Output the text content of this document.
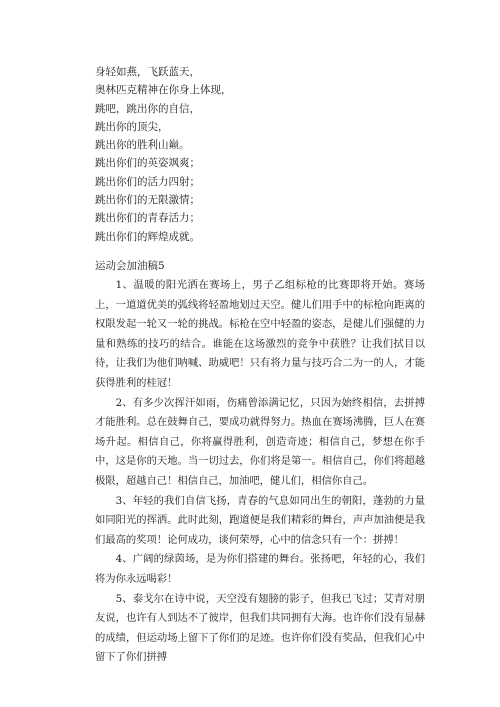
身轻如燕，飞跃蓝天，
奥林匹克精神在你身上体现，
跳吧，跳出你的自信，
跳出你的顶尖，
跳出你的胜利山巅。
跳出你们的英姿飒爽；
跳出你们的活力四射；
跳出你们的无限激情；
跳出你们的青春活力；
跳出你们的辉煌成就。
运动会加油稿5

1、温暖的阳光洒在赛场上，男子乙组标枪的比赛即将开始。赛场上，一道道优美的弧线将轻盈地划过天空。健儿们用手中的标枪向距离的权限发起一轮又一轮的挑战。标枪在空中轻盈的姿态，是健儿们强健的力量和熟练的技巧的结合。谁能在这场激烈的竞争中获胜？让我们拭目以待，让我们为他们呐喊、助威吧！只有将力量与技巧合二为一的人，才能获得胜利的桂冠！

2、有多少次挥汗如雨，伤痛曾添满记忆，只因为始终相信，去拼搏才能胜利。总在鼓舞自己，要成功就得努力。热血在赛场沸腾，巨人在赛场升起。相信自己，你将赢得胜利，创造奇迹；相信自己，梦想在你手中，这是你的天地。当一切过去，你们将是第一。相信自己，你们将超越极限，超越自己！相信自己，加油吧，健儿们，相信你自己。

3、年轻的我们自信飞扬，青春的气息如同出生的朝阳，蓬勃的力量如同阳光的挥洒。此时此刻，跑道便是我们精彩的舞台，声声加油便是我们最高的奖项！论何成功，谈何荣辱，心中的信念只有一个：拼搏！

4、广阔的绿茵场，是为你们搭建的舞台。张扬吧，年轻的心，我们将为你永远喝彩！

5、泰戈尔在诗中说，天空没有翅膀的影子，但我已飞过；艾青对朋友说，也许有人到达不了彼岸，但我们共同拥有大海。也许你们没有显赫的成绩，但运动场上留下了你们的足迹。也许你们没有奖品，但我们心中留下了你们拼搏
